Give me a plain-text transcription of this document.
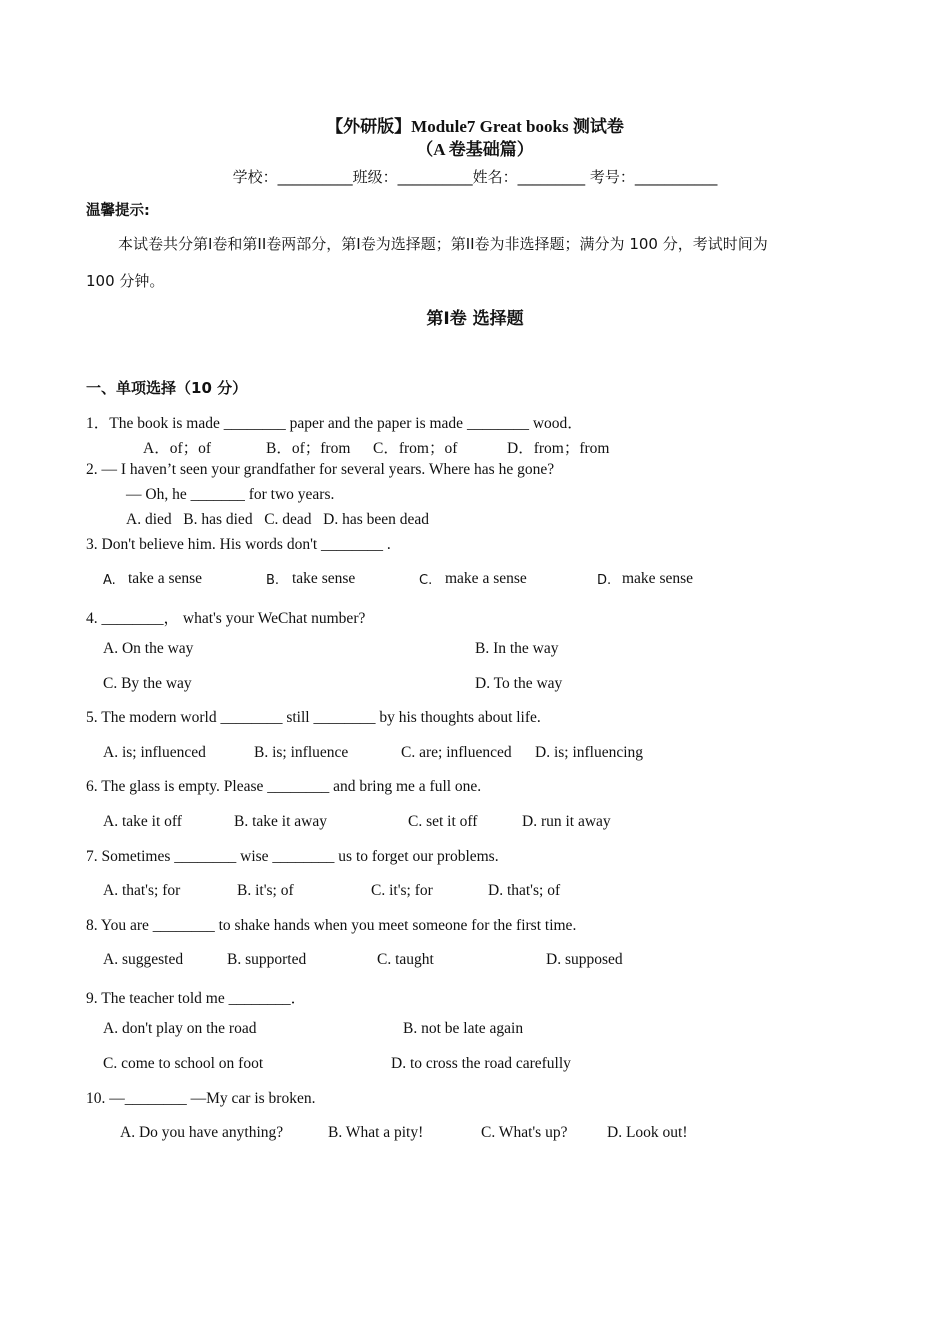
【外研版】Module7 Great books 测试卷
（A 卷基础篇）
学校：__________班级：__________姓名：_________ 考号：___________
温馨提示:
本试卷共分第I卷和第II卷两部分，第I卷为选择题；第II卷为非选择题；满分为 100 分，考试时间为
100 分钟。
第I卷 选择题
一、单项选择（10 分）
1．The book is made ________ paper and the paper is made ________ wood．
A．of；of	B．of；from C．from；of	D．from；from
2. — I haven’t seen your grandfather for several years. Where has he gone?
— Oh, he _______ for two years.
A. died   B. has died   C. dead   D. has been dead
3. Don't believe him. His words don't ________ .
A. take a sense	B. take sense	C. make a sense	D. make sense
4. ________， what's your WeChat number?
A. On the way	B. In the way
C. By the way	D. To the way
5. The modern world ________ still ________ by his thoughts about life.
A. is; influenced	B. is; influence	C. are; influenced D. is; influencing
6. The glass is empty. Please ________ and bring me a full one.
A. take it off	B. take it away	C. set it off	D. run it away
7. Sometimes ________ wise ________ us to forget our problems.
A. that's; for	B. it's; of	C. it's; for	D. that's; of
8. You are ________ to shake hands when you meet someone for the first time.
A. suggested	B. supported	C. taught	D. supposed
9. The teacher told me ________．
A. don't play on the road	B. not be late again
C. come to school on foot	D. to cross the road carefully
10. —________ —My car is broken.
A. Do you have anything?	B. What a pity!	C. What's up?	D. Look out!
